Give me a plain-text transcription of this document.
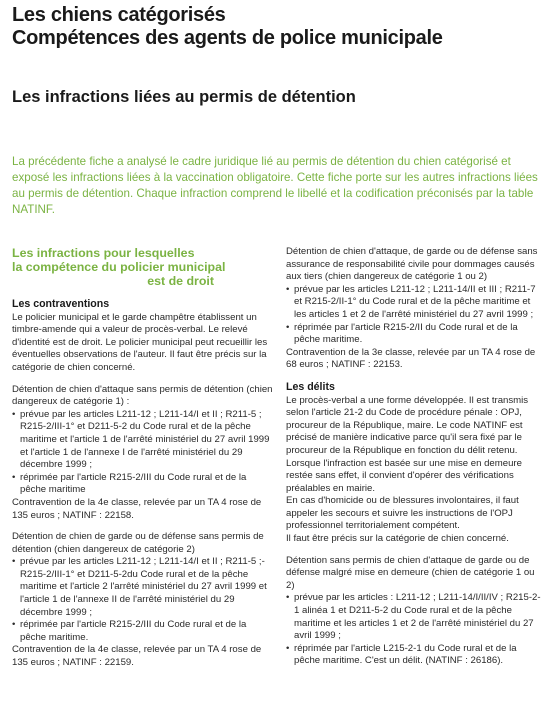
Les chiens catégorisés
Compétences des agents de police municipale
Les infractions liées au permis de détention
La précédente fiche a analysé le cadre juridique lié au permis de détention du chien catégorisé et exposé les infractions liées à la vaccination obligatoire. Cette fiche porte sur les autres infractions liées au permis de détention. Chaque infraction comprend le libellé et la codification préconisés par la table NATINF.
Les infractions pour lesquelles
la compétence du policier municipal
est de droit
Les contraventions

Le policier municipal et le garde champêtre établissent un timbre-amende qui a valeur de procès-verbal. Le relevé d'identité est de droit. Le policier municipal peut recueillir les éventuelles observations de l'auteur. Il faut être précis sur la catégorie de chien concerné.

Détention de chien d'attaque sans permis de détention (chien dangereux de catégorie 1) :

• prévue par les articles L211-12 ; L211-14/I et II ; R211-5 ; R215-2/III-1° et D211-5-2 du Code rural et de la pêche maritime et l'article 1 de l'arrêté ministériel du 27 avril 1999 et l'article 1 de l'annexe I de l'arrêté ministériel du 29 décembre 1999 ;
• réprimée par l'article R215-2/III du Code rural et de la pêche maritime

Contravention de la 4e classe, relevée par un TA 4 rose de 135 euros ; NATINF : 22158.

Détention de chien de garde ou de défense sans permis de détention (chien dangereux de catégorie 2)

• prévue par les articles L211-12 ; L211-14/I et II ; R211-5 ;- R215-2/III-1° et D211-5-2du Code rural et de la pêche maritime et l'article 2 l'arrêté ministériel du 27 avril 1999 et l'article 1 de l'annexe II de l'arrêté ministériel du 29 décembre 1999 ;
• réprimée par l'article R215-2/III du Code rural et de la pêche maritime.

Contravention de la 4e classe, relevée par un TA 4 rose de 135 euros ; NATINF : 22159.

Détention de chien d'attaque, de garde ou de défense sans assurance de responsabilité civile pour dommages causés aux tiers (chien dangereux de catégorie 1 ou 2)

• prévue par les articles L211-12 ; L211-14/II et III ; R211-7 et R215-2/II-1° du Code rural et de la pêche maritime et les articles 1 et 2 de l'arrêté ministériel du 27 avril 1999 ;
• réprimée par l'article R215-2/II du Code rural et de la pêche maritime.

Contravention de la 3e classe, relevée par un TA 4 rose de 68 euros ; NATINF : 22153.

Les délits

Le procès-verbal a une forme développée. Il est transmis selon l'article 21-2 du Code de procédure pénale : OPJ, procureur de la République, maire. Le code NATINF est précisé de manière indicative parce qu'il sera fixé par le procureur de la République en fonction du délit retenu.

Lorsque l'infraction est basée sur une mise en demeure restée sans effet, il convient d'opérer des vérifications préalables en mairie.

En cas d'homicide ou de blessures involontaires, il faut appeler les secours et suivre les instructions de l'OPJ professionnel territorialement compétent.

Il faut être précis sur la catégorie de chien concerné.

Détention sans permis de chien d'attaque de garde ou de défense malgré mise en demeure (chien de catégorie 1 ou 2)

• prévue par les articles : L211-12 ; L211-14/I/II/IV ; R215-2-1 alinéa 1 et D211-5-2 du Code rural et de la pêche maritime et les articles 1 et 2 de l'arrêté ministériel du 27 avril 1999 ;
• réprimée par l'article L215-2-1 du Code rural et de la pêche maritime. C'est un délit. (NATINF : 26186).
